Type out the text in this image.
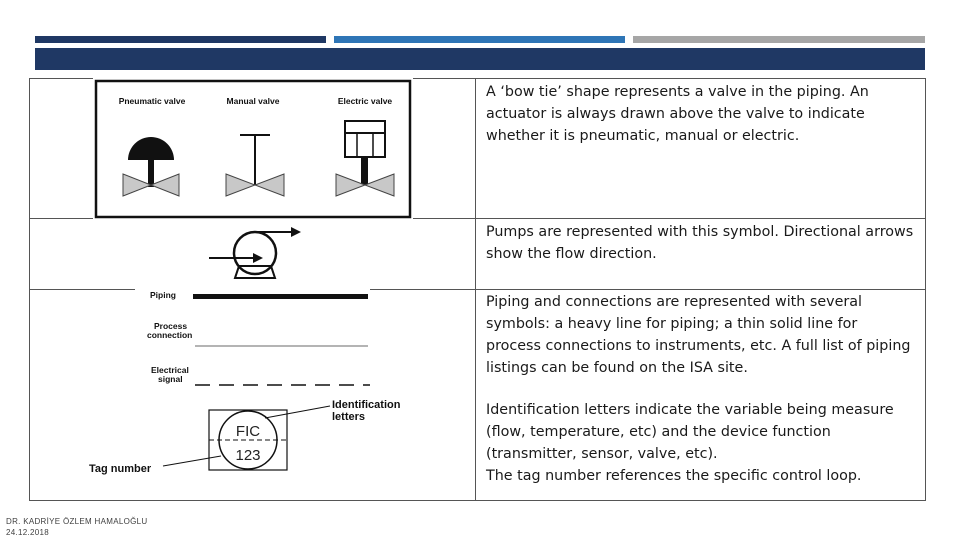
Pneumatic valve	Manual valve	Electric valve

A ‘bow tie’ shape represents a valve in the piping. An actuator is always drawn above the valve to indicate whether it is pneumatic, manual or electric.

Pumps are represented with this symbol. Directional arrows show the flow direction.

Piping
Process
connection
Electrical
signal
FIC
123
Identification
letters
Tag number

Piping and connections are represented with several symbols: a heavy line for piping; a thin solid line for process connections to instruments, etc. A full list of piping listings can be found on the ISA site.

Identification letters indicate the variable being measure (flow, temperature, etc) and the device function (transmitter, sensor, valve, etc).

The tag number references the specific control loop.

DR. KADRİYE ÖZLEM HAMALOĞLU
24.12.2018
